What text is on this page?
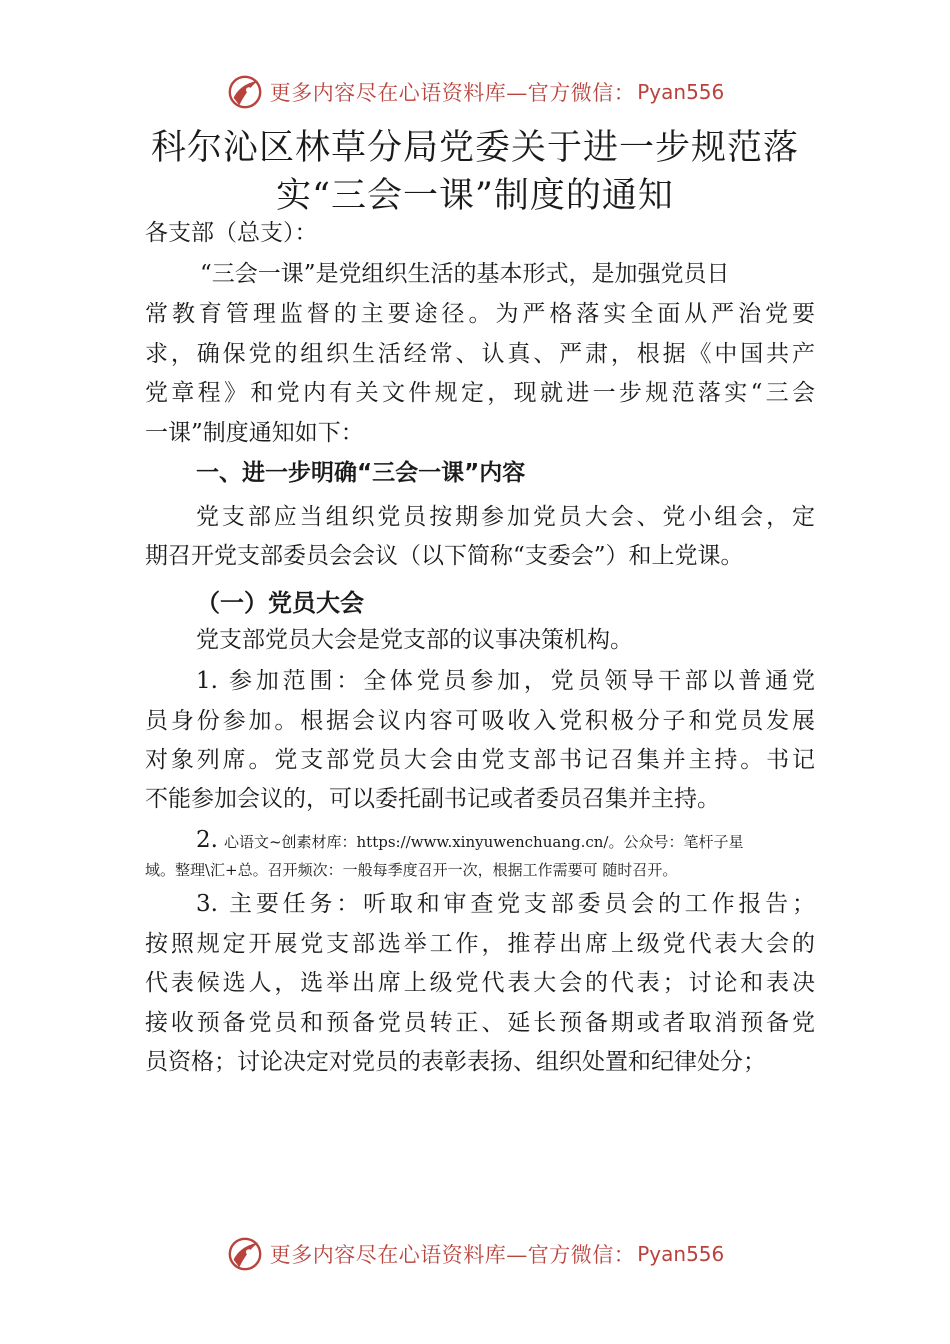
更多内容尽在心语资料库—官方微信： Pyan556
科尔沁区林草分局党委关于进一步规范落
实“三会一课”制度的通知
各支部（总支）：
“三会一课”是党组织生活的基本形式，是加强党员日
常教育管理监督的主要途径。为严格落实全面从严治党要
求，确保党的组织生活经常、认真、严肃，根据《中国共产
党章程》和党内有关文件规定，现就进一步规范落实“三会
一课”制度通知如下：
一、进一步明确“三会一课”内容
党支部应当组织党员按期参加党员大会、党小组会，定
期召开党支部委员会会议（以下简称“支委会”）和上党课。
（一）党员大会
党支部党员大会是党支部的议事决策机构。
1. 参加范围：全体党员参加，党员领导干部以普通党
员身份参加。根据会议内容可吸收入党积极分子和党员发展
对象列席。党支部党员大会由党支部书记召集并主持。书记
不能参加会议的，可以委托副书记或者委员召集并主持。
2. 心语文~创素材库：https://www.xinyuwenchuang.cn/。公众号：笔杆子星
域。整理\汇+总。召开频次：一般每季度召开一次，根据工作需要可 随时召开。
3. 主要任务：听取和审查党支部委员会的工作报告；
按照规定开展党支部选举工作，推荐出席上级党代表大会的
代表候选人，选举出席上级党代表大会的代表；讨论和表决
接收预备党员和预备党员转正、延长预备期或者取消预备党
员资格；讨论决定对党员的表彰表扬、组织处置和纪律处分；
更多内容尽在心语资料库—官方微信： Pyan556
